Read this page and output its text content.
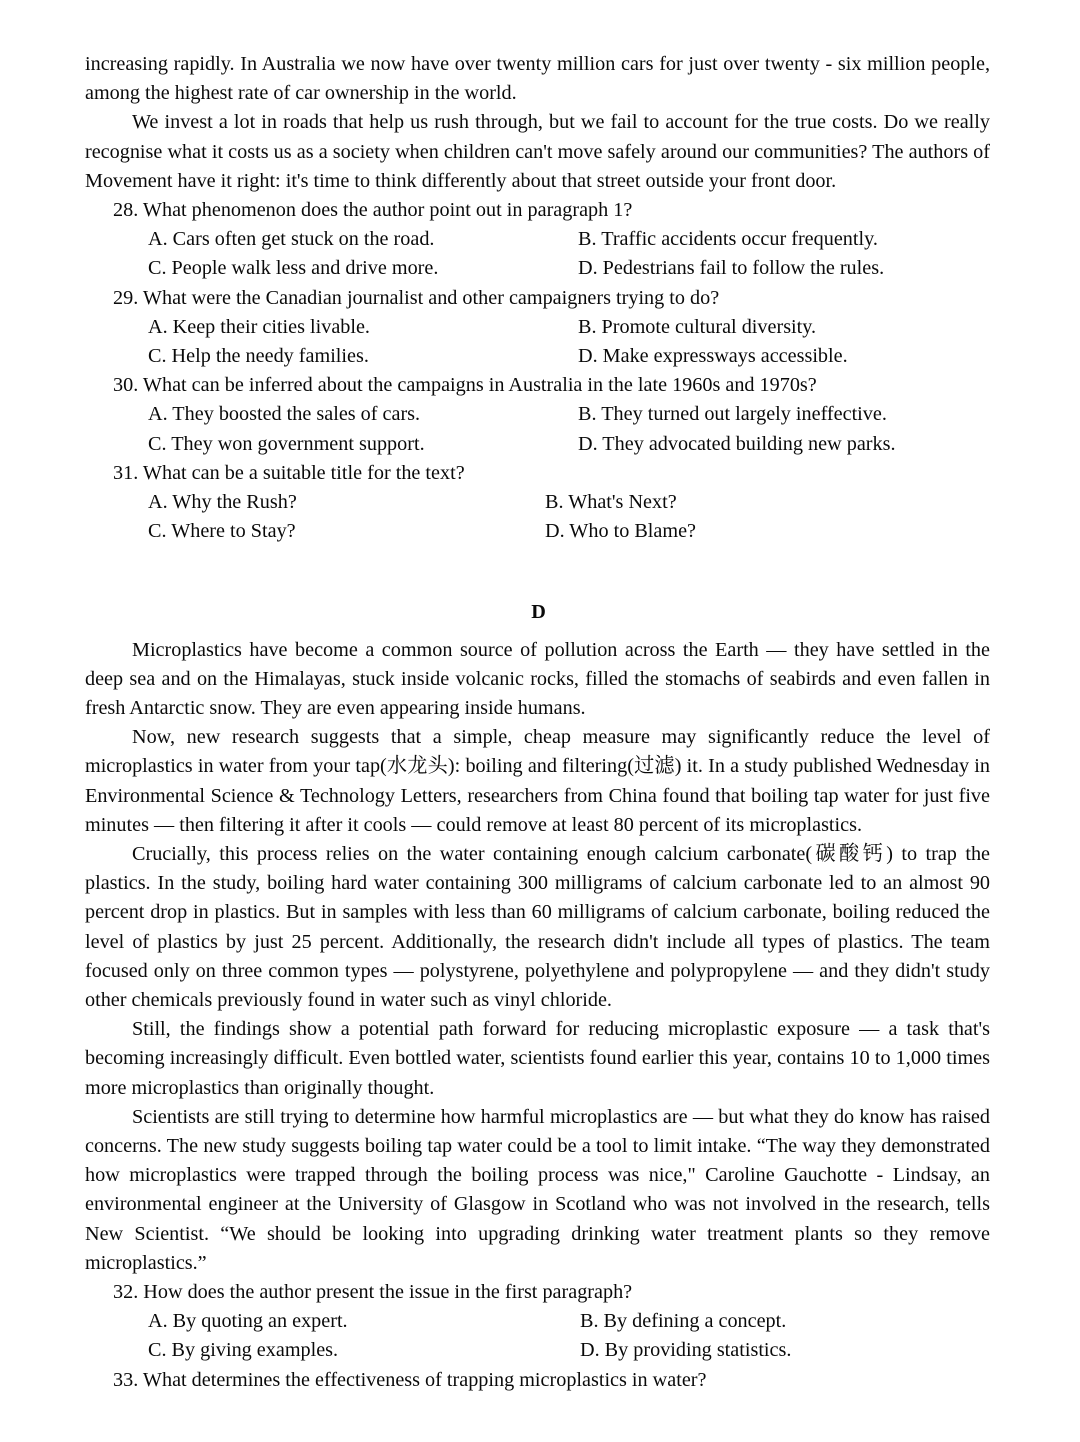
increasing rapidly. In Australia we now have over twenty million cars for just over twenty - six million people, among the highest rate of car ownership in the world.

We invest a lot in roads that help us rush through, but we fail to account for the true costs. Do we really recognise what it costs us as a society when children can't move safely around our communities? The authors of Movement have it right: it's time to think differently about that street outside your front door.

28. What phenomenon does the author point out in paragraph 1?

A. Cars often get stuck on the road.	B. Traffic accidents occur frequently.
C. People walk less and drive more.	D. Pedestrians fail to follow the rules.

29. What were the Canadian journalist and other campaigners trying to do?

A. Keep their cities livable.	B. Promote cultural diversity.
C. Help the needy families.	D. Make expressways accessible.

30. What can be inferred about the campaigns in Australia in the late 1960s and 1970s?

A. They boosted the sales of cars.	B. They turned out largely ineffective.
C. They won government support.	D. They advocated building new parks.

31. What can be a suitable title for the text?

A. Why the Rush?	B. What's Next?
C. Where to Stay?	D. Who to Blame?

D

Microplastics have become a common source of pollution across the Earth — they have settled in the deep sea and on the Himalayas, stuck inside volcanic rocks, filled the stomachs of seabirds and even fallen in fresh Antarctic snow. They are even appearing inside humans.

Now, new research suggests that a simple, cheap measure may significantly reduce the level of microplastics in water from your tap(水龙头): boiling and filtering(过滤) it. In a study published Wednesday in Environmental Science & Technology Letters, researchers from China found that boiling tap water for just five minutes — then filtering it after it cools — could remove at least 80 percent of its microplastics.

Crucially, this process relies on the water containing enough calcium carbonate(碳酸钙) to trap the plastics. In the study, boiling hard water containing 300 milligrams of calcium carbonate led to an almost 90 percent drop in plastics. But in samples with less than 60 milligrams of calcium carbonate, boiling reduced the level of plastics by just 25 percent. Additionally, the research didn't include all types of plastics. The team focused only on three common types — polystyrene, polyethylene and polypropylene — and they didn't study other chemicals previously found in water such as vinyl chloride.

Still, the findings show a potential path forward for reducing microplastic exposure — a task that's becoming increasingly difficult. Even bottled water, scientists found earlier this year, contains 10 to 1,000 times more microplastics than originally thought.

Scientists are still trying to determine how harmful microplastics are — but what they do know has raised concerns. The new study suggests boiling tap water could be a tool to limit intake. “The way they demonstrated how microplastics were trapped through the boiling process was nice," Caroline Gauchotte - Lindsay, an environmental engineer at the University of Glasgow in Scotland who was not involved in the research, tells New Scientist. “We should be looking into upgrading drinking water treatment plants so they remove microplastics.”

32. How does the author present the issue in the first paragraph?

A. By quoting an expert.	B. By defining a concept.
C. By giving examples.	D. By providing statistics.

33. What determines the effectiveness of trapping microplastics in water?
